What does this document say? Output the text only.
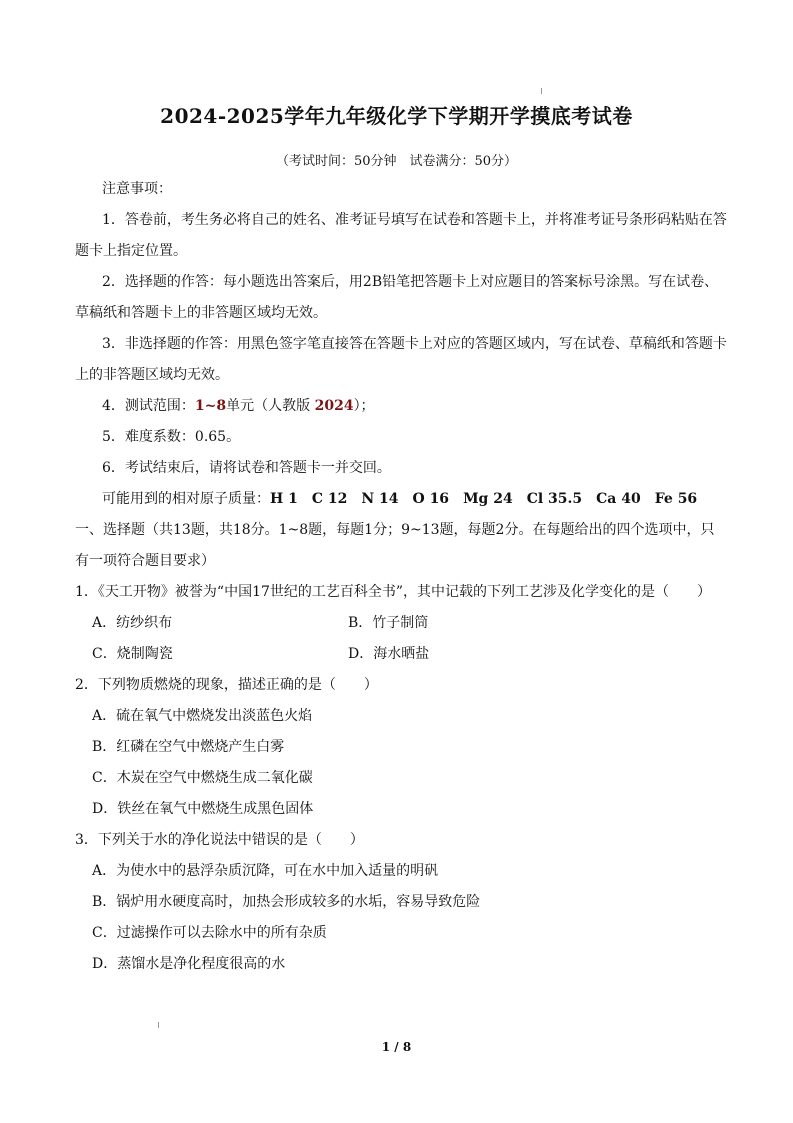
2024-2025学年九年级化学下学期开学摸底考试卷
（考试时间：50分钟　试卷满分：50分）
注意事项：
1．答卷前，考生务必将自己的姓名、准考证号填写在试卷和答题卡上，并将准考证号条形码粘贴在答
题卡上指定位置。
2．选择题的作答：每小题选出答案后，用2B铅笔把答题卡上对应题目的答案标号涂黑。写在试卷、
草稿纸和答题卡上的非答题区域均无效。
3．非选择题的作答：用黑色签字笔直接答在答题卡上对应的答题区域内，写在试卷、草稿纸和答题卡
上的非答题区域均无效。
4．测试范围：1~8单元（人教版 2024）；
5．难度系数：0.65。
6．考试结束后，请将试卷和答题卡一并交回。
可能用到的相对原子质量：H 1 C 12 N 14 O 16 Mg 24 Cl 35.5 Ca 40 Fe 56
一、选择题（共13题，共18分。1~8题，每题1分；9~13题，每题2分。在每题给出的四个选项中，只
有一项符合题目要求）
1．《天工开物》被誉为“中国17世纪的工艺百科全书”，其中记载的下列工艺涉及化学变化的是（　　）
A．纺纱织布	B．竹子制筒
C．烧制陶瓷	D．海水晒盐
2．下列物质燃烧的现象，描述正确的是（　　）
A．硫在氧气中燃烧发出淡蓝色火焰
B．红磷在空气中燃烧产生白雾
C．木炭在空气中燃烧生成二氧化碳
D．铁丝在氧气中燃烧生成黑色固体
3．下列关于水的净化说法中错误的是（　　）
A．为使水中的悬浮杂质沉降，可在水中加入适量的明矾
B．锅炉用水硬度高时，加热会形成较多的水垢，容易导致危险
C．过滤操作可以去除水中的所有杂质
D．蒸馏水是净化程度很高的水
1 / 8
